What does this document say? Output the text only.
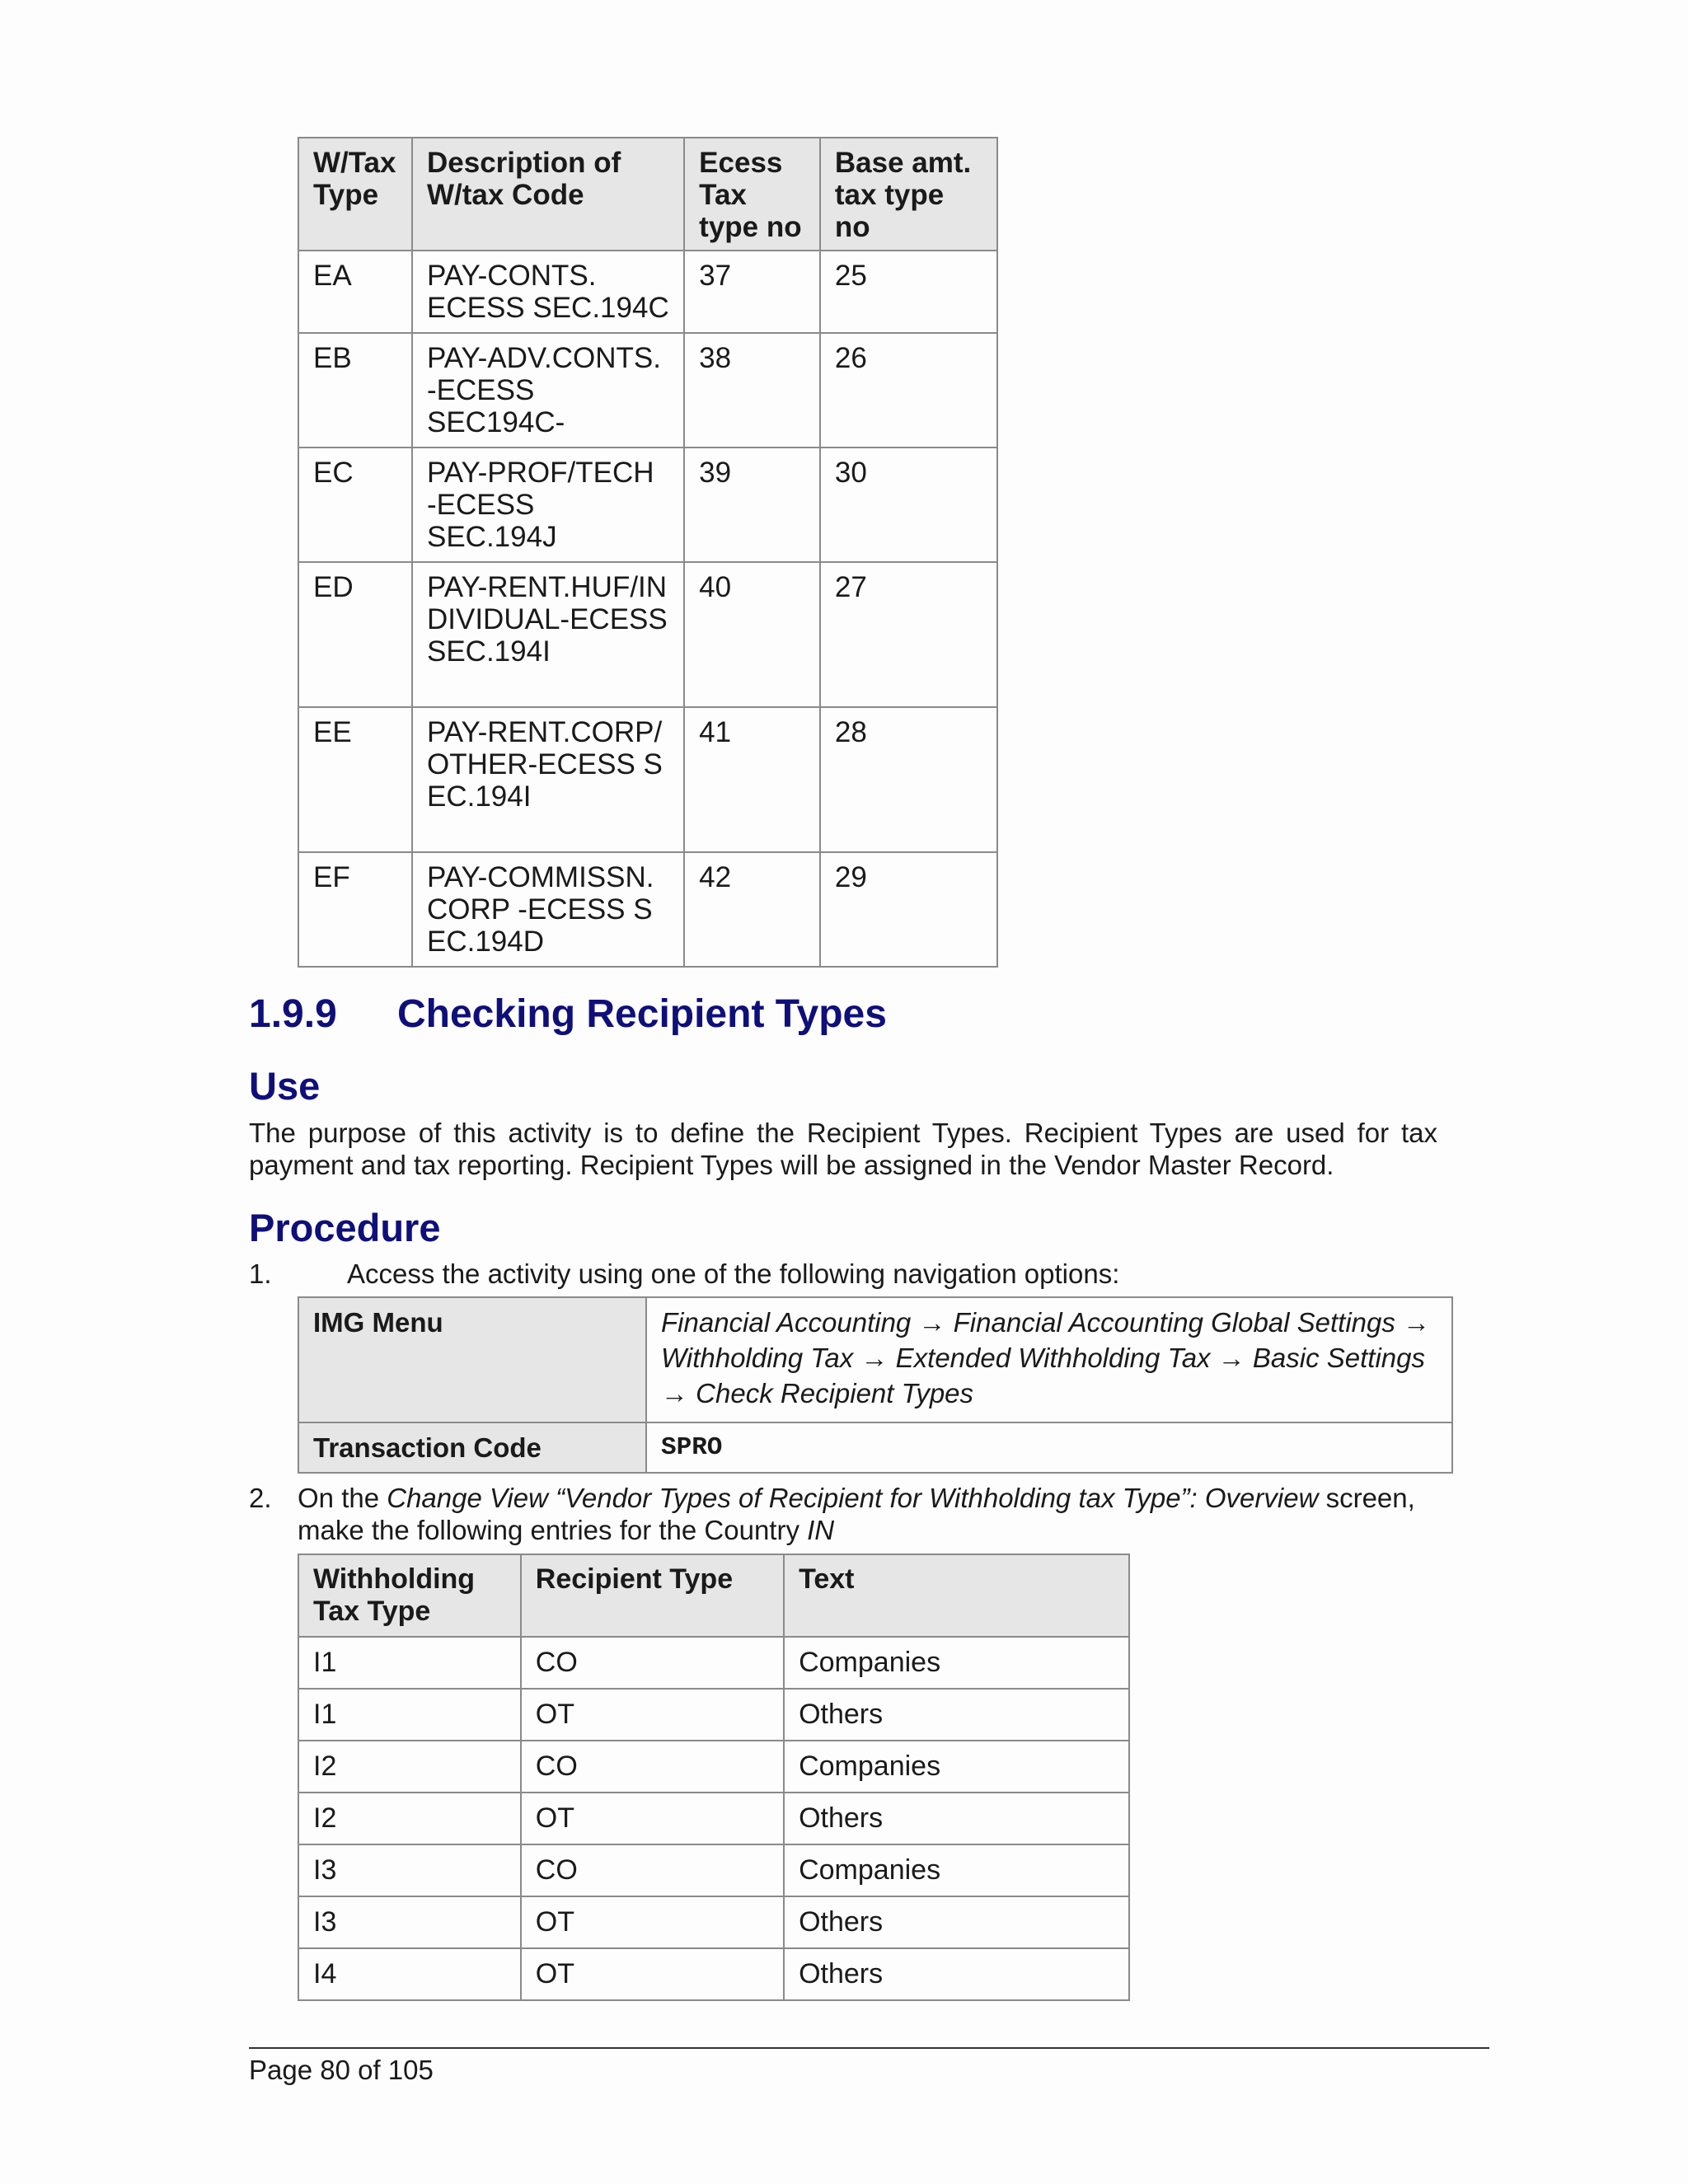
W/Tax Type	Description of W/tax Code	Ecess Tax type no	Base amt. tax type no
EA	PAY-CONTS. ECESS SEC.194C	37	25
EB	PAY-ADV.CONTS. -ECESS SEC194C-	38	26
EC	PAY-PROF/TECH -ECESS SEC.194J	39	30
ED	PAY-RENT.HUF/INDIVIDUAL-ECESS SEC.194I	40	27
EE	PAY-RENT.CORP/OTHER-ECESS SEC.194I	41	28
EF	PAY-COMMISSN.CORP -ECESS SEC.194D	42	29
1.9.9 Checking Recipient Types
Use

The purpose of this activity is to define the Recipient Types. Recipient Types are used for tax payment and tax reporting. Recipient Types will be assigned in the Vendor Master Record.

Procedure
1.	Access the activity using one of the following navigation options:
IMG Menu	Financial Accounting → Financial Accounting Global Settings → Withholding Tax → Extended Withholding Tax → Basic Settings → Check Recipient Types
Transaction Code	SPRO
2. On the Change View “Vendor Types of Recipient for Withholding tax Type”: Overview screen, make the following entries for the Country IN
Withholding Tax Type	Recipient Type	Text
I1	CO	Companies
I1	OT	Others
I2	CO	Companies
I2	OT	Others
I3	CO	Companies
I3	OT	Others
I4	OT	Others
Page 80 of 105
